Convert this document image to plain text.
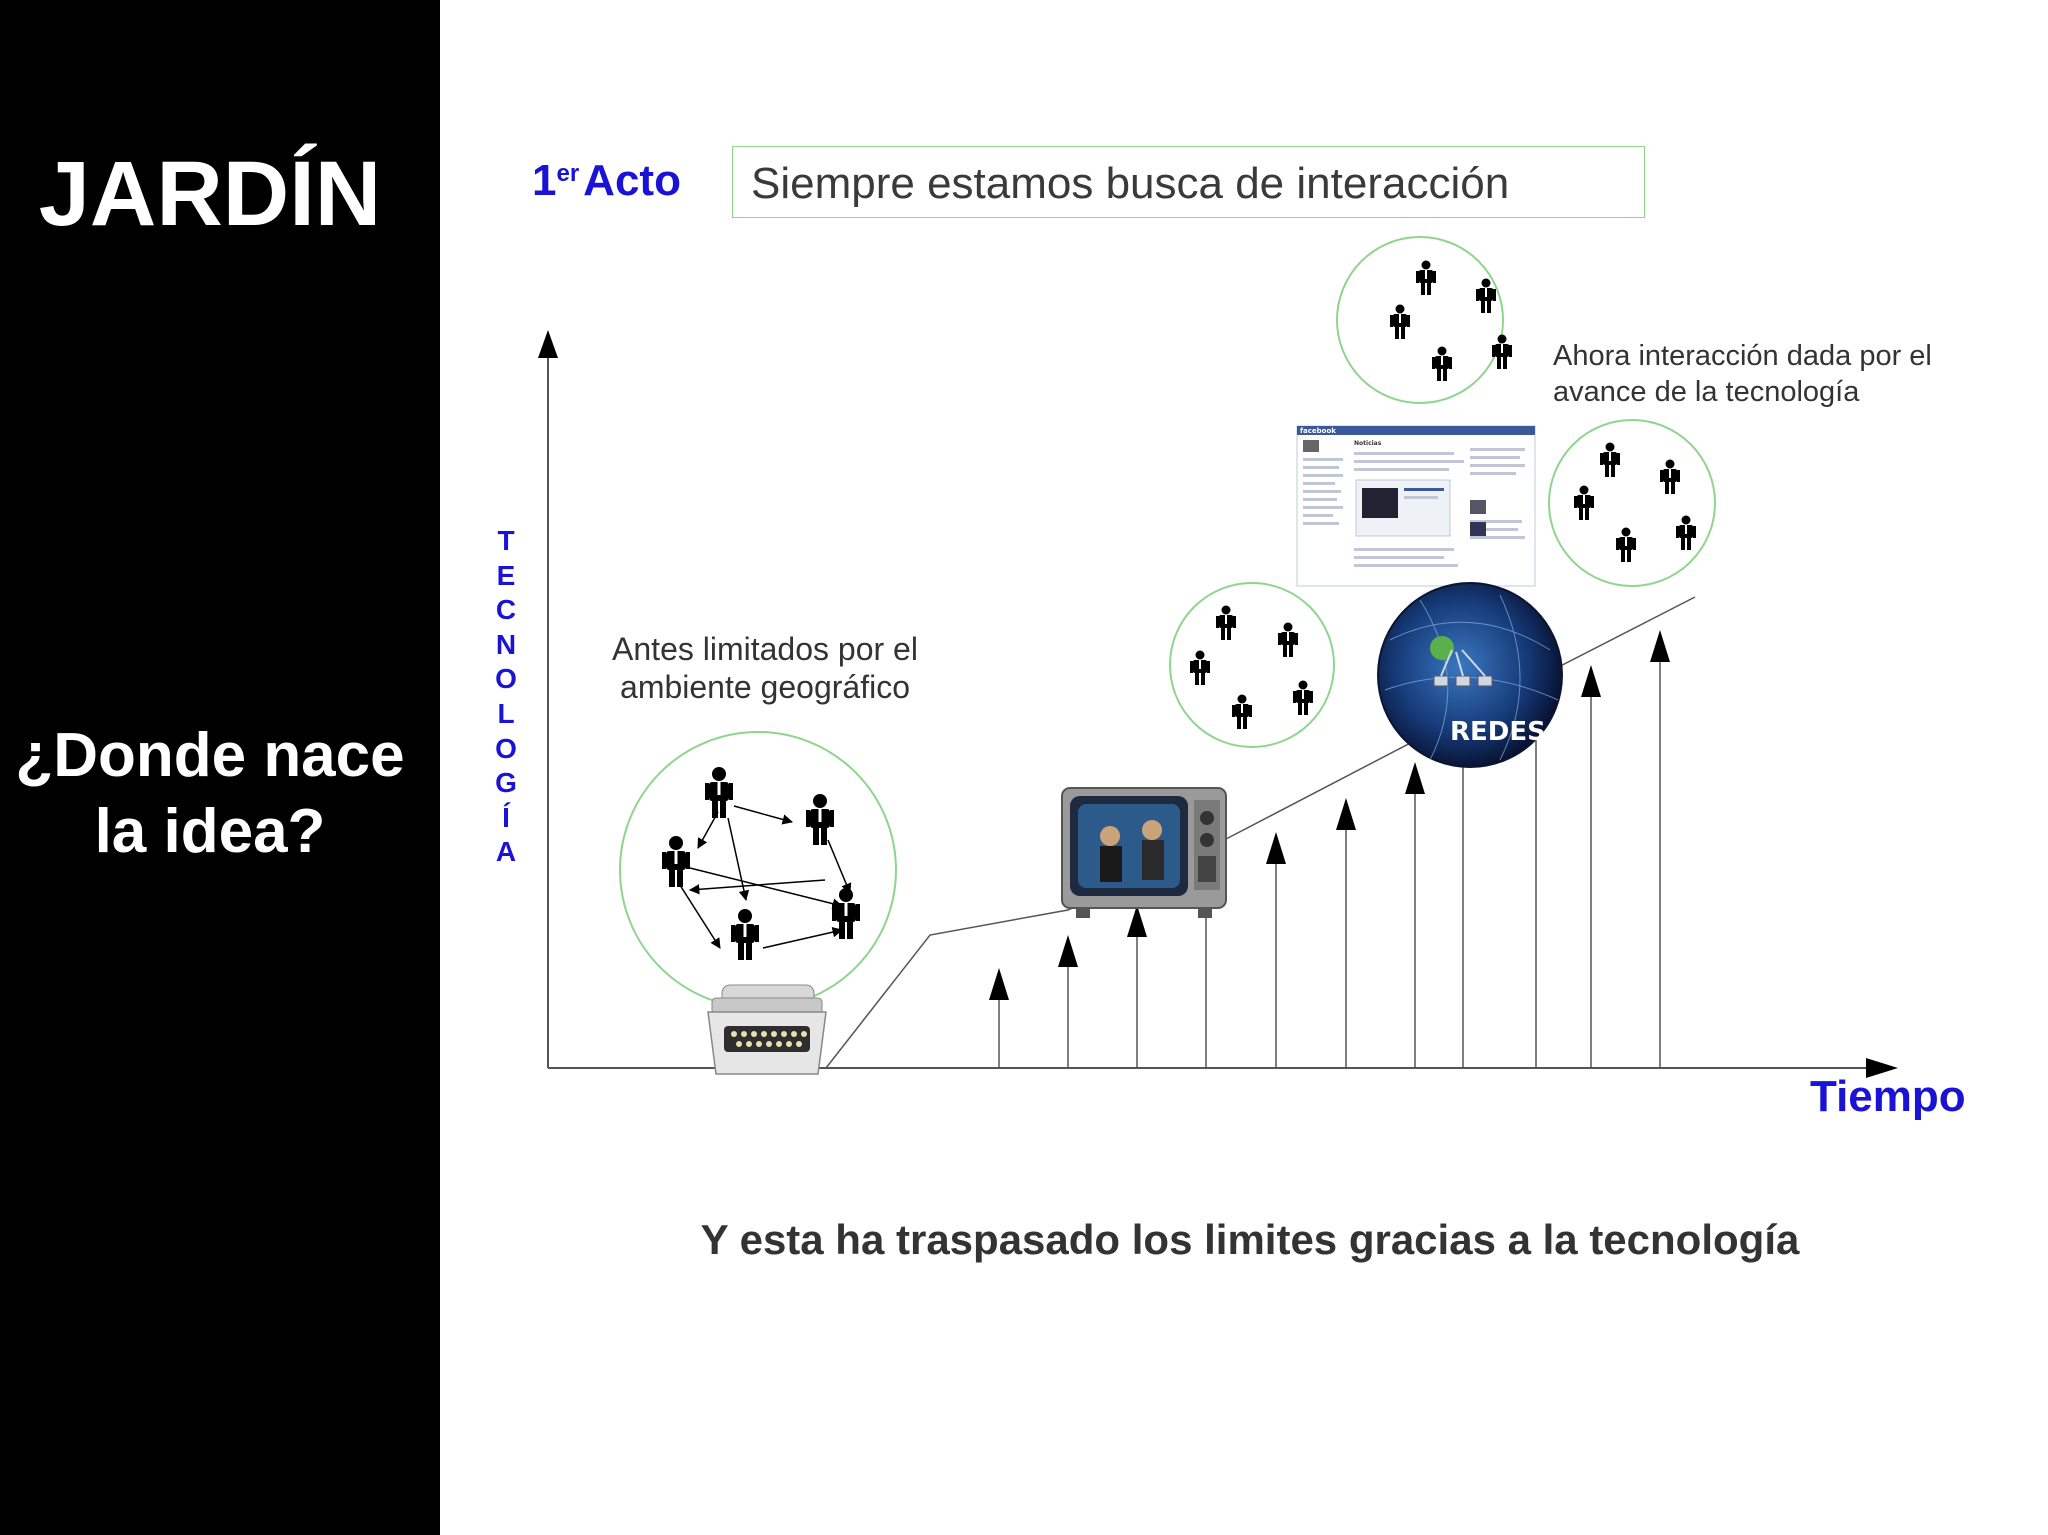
JARDÍN
¿Donde nace la idea?
1erActo Siempre estamos busca de interacción
facebook
Noticias
REDES
T
E
C
N
O
L
O
G
Í
A
Tiempo
Antes limitados por el ambiente geográfico
Ahora interacción dada por el avance de la tecnología
Y esta ha traspasado los limites gracias a la tecnología
